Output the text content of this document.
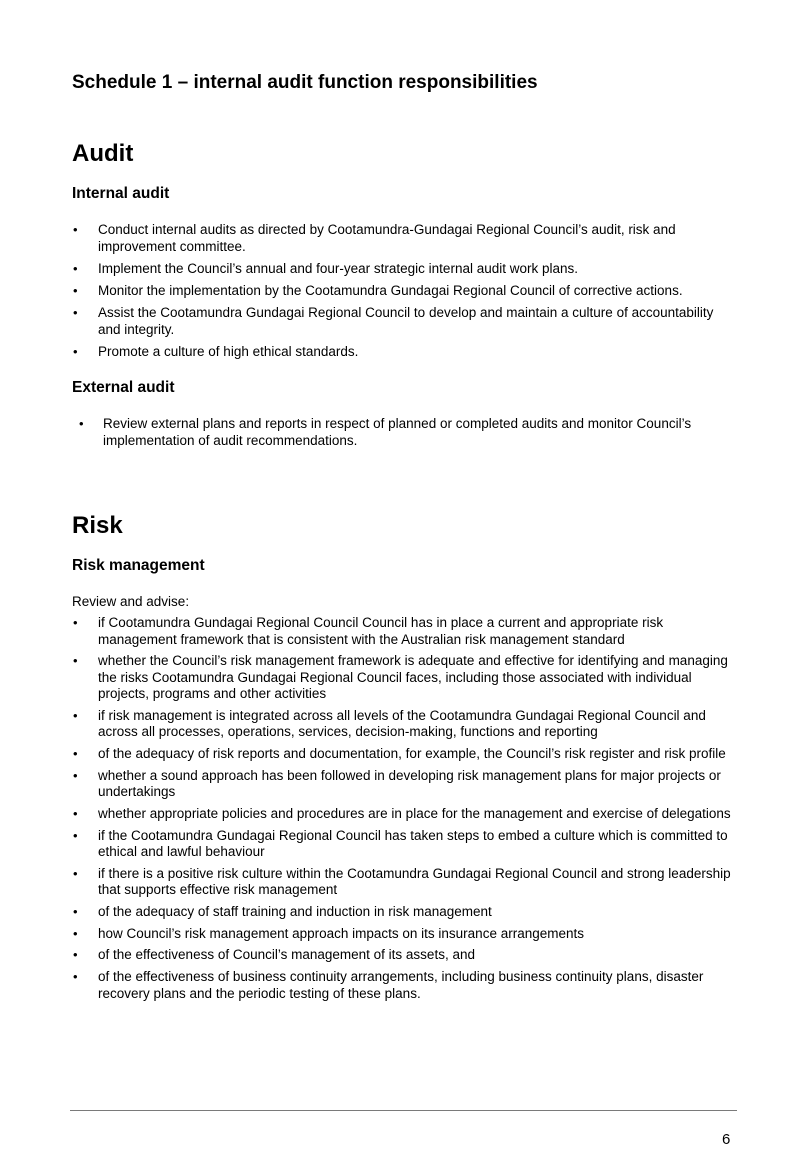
Schedule 1 – internal audit function responsibilities
Audit
Internal audit
• Conduct internal audits as directed by Cootamundra-Gundagai Regional Council’s audit, risk and improvement committee.
• Implement the Council’s annual and four-year strategic internal audit work plans.
• Monitor the implementation by the Cootamundra Gundagai Regional Council of corrective actions.
• Assist the Cootamundra Gundagai Regional Council to develop and maintain a culture of accountability and integrity.
• Promote a culture of high ethical standards.
External audit
• Review external plans and reports in respect of planned or completed audits and monitor Council’s implementation of audit recommendations.
Risk
Risk management

Review and advise:

• if Cootamundra Gundagai Regional Council Council has in place a current and appropriate risk management framework that is consistent with the Australian risk management standard
• whether the Council’s risk management framework is adequate and effective for identifying and managing the risks Cootamundra Gundagai Regional Council faces, including those associated with individual projects, programs and other activities
• if risk management is integrated across all levels of the Cootamundra Gundagai Regional Council and across all processes, operations, services, decision-making, functions and reporting
• of the adequacy of risk reports and documentation, for example, the Council’s risk register and risk profile
• whether a sound approach has been followed in developing risk management plans for major projects or undertakings
• whether appropriate policies and procedures are in place for the management and exercise of delegations
• if the Cootamundra Gundagai Regional Council has taken steps to embed a culture which is committed to ethical and lawful behaviour
• if there is a positive risk culture within the Cootamundra Gundagai Regional Council and strong leadership that supports effective risk management
• of the adequacy of staff training and induction in risk management
• how Council’s risk management approach impacts on its insurance arrangements
• of the effectiveness of Council’s management of its assets, and
• of the effectiveness of business continuity arrangements, including business continuity plans, disaster recovery plans and the periodic testing of these plans.
6
